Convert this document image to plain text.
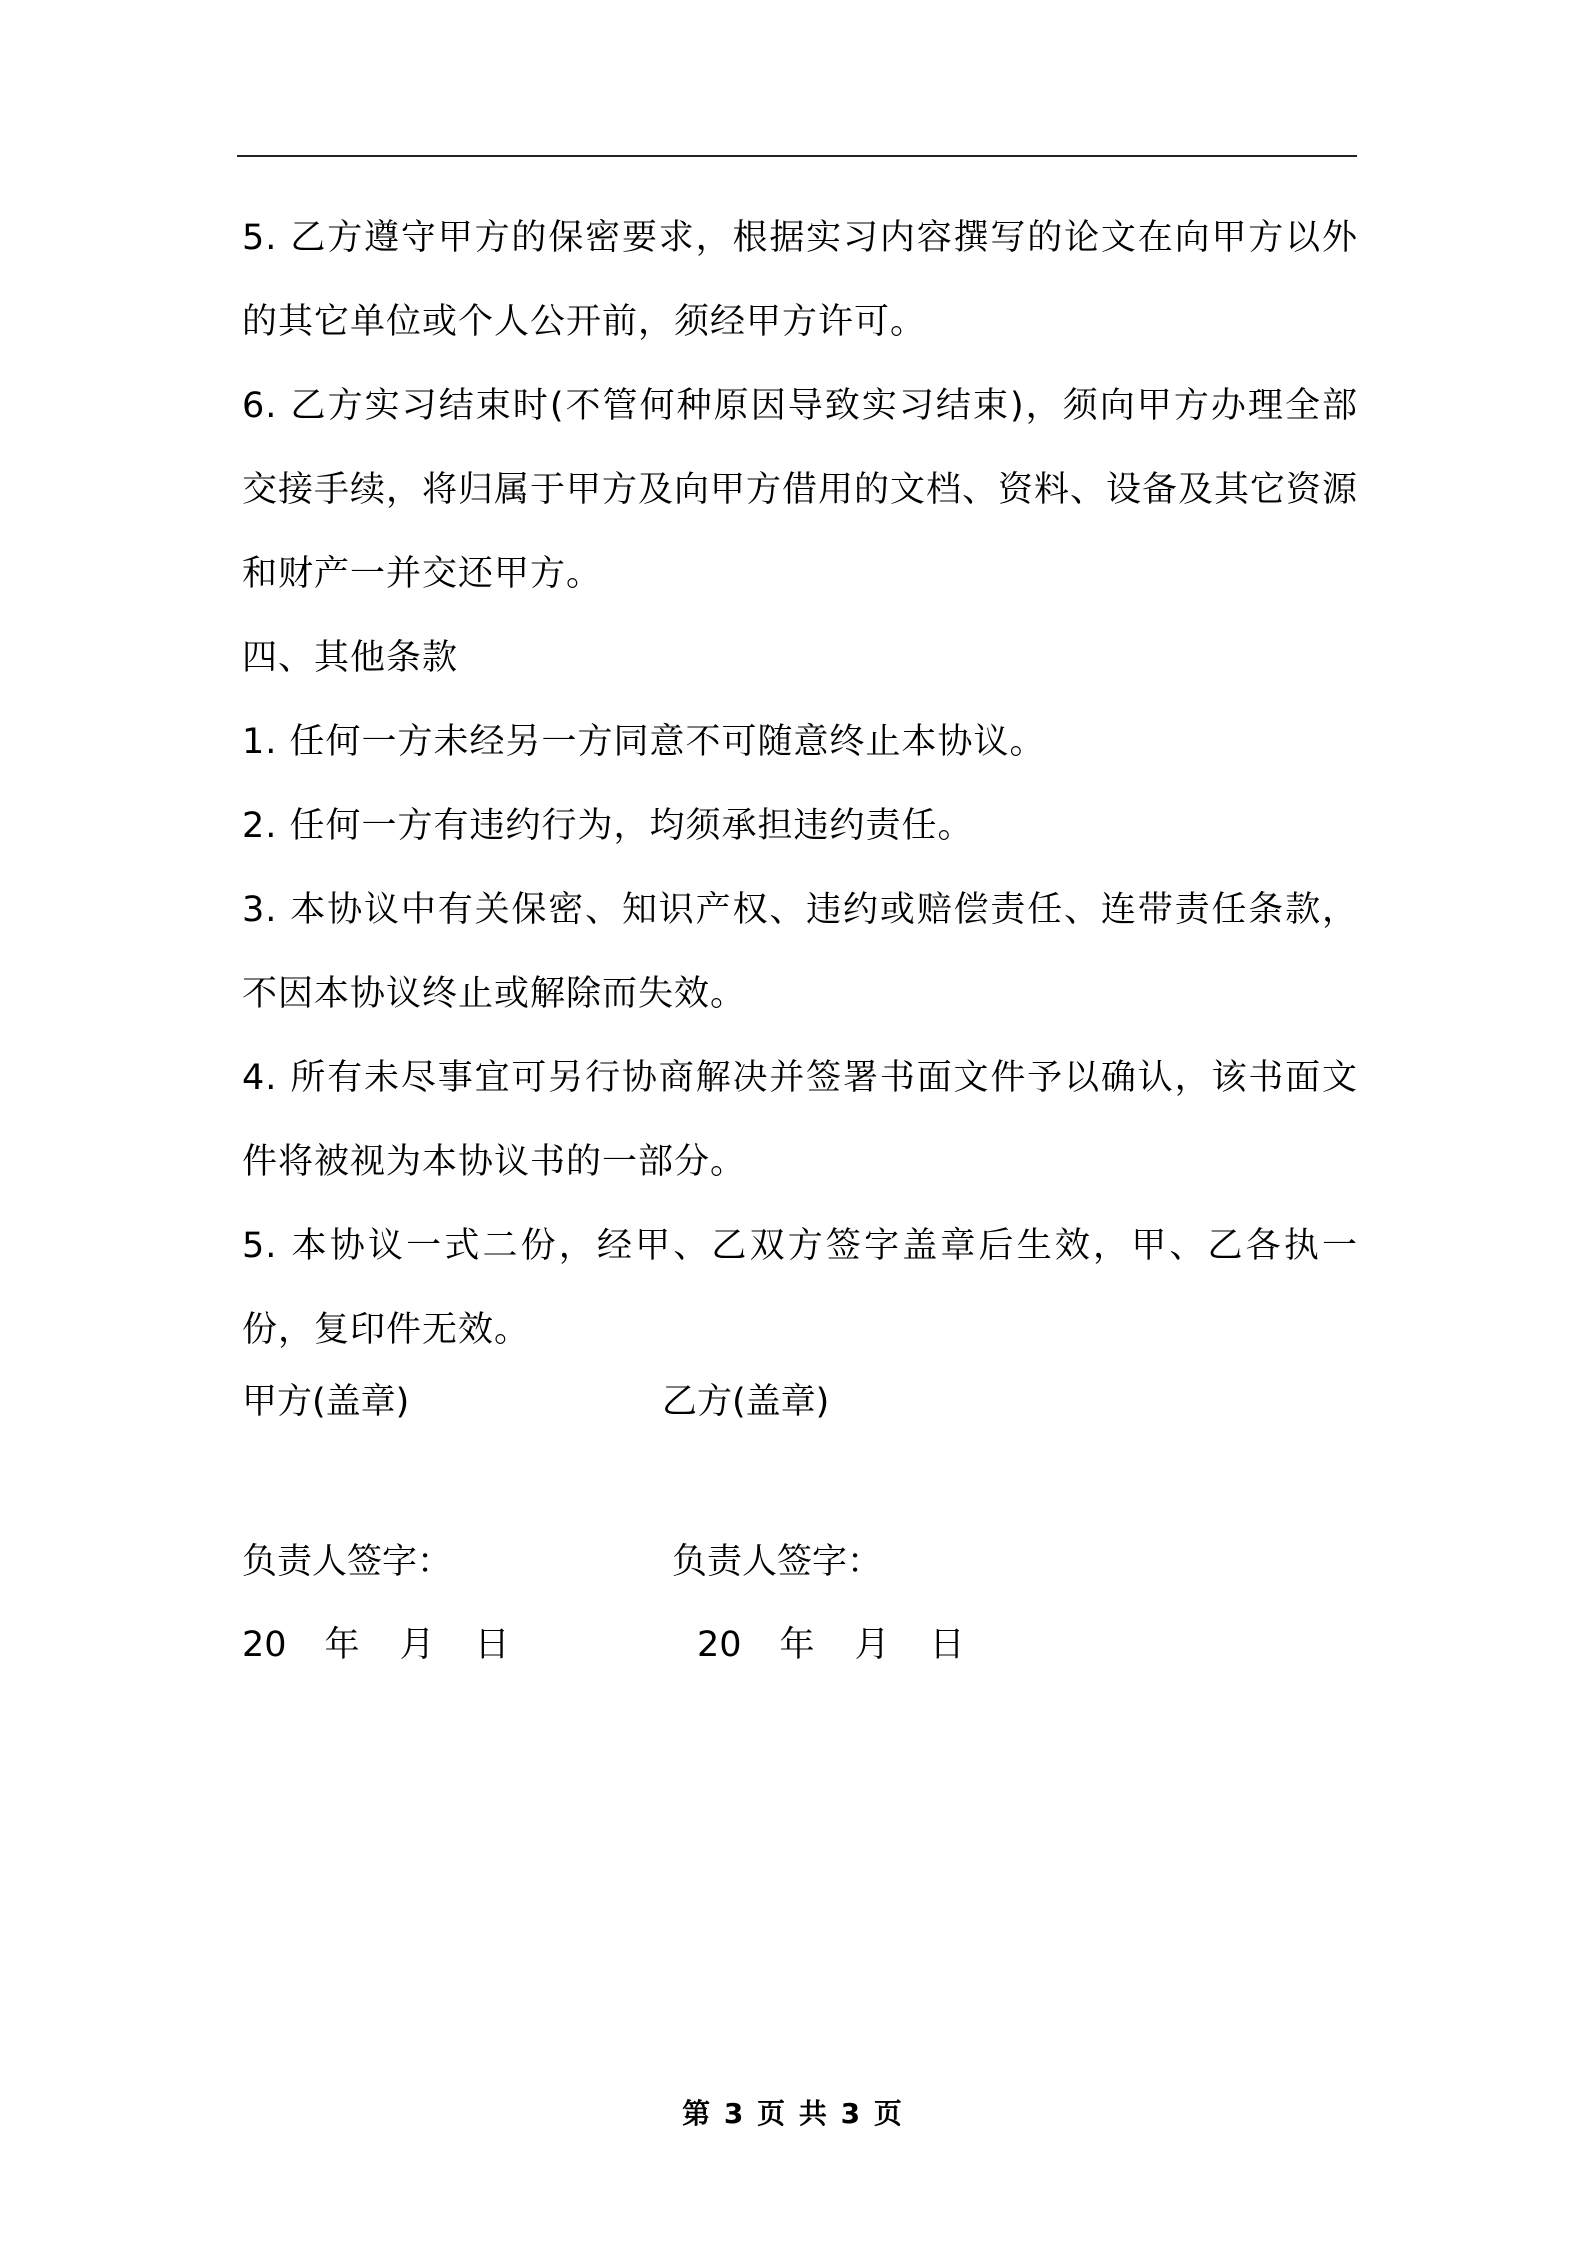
5. 乙方遵守甲方的保密要求，根据实习内容撰写的论文在向甲方以外的其它单位或个人公开前，须经甲方许可。

6. 乙方实习结束时(不管何种原因导致实习结束)，须向甲方办理全部交接手续，将归属于甲方及向甲方借用的文档、资料、设备及其它资源和财产一并交还甲方。

四、其他条款

1. 任何一方未经另一方同意不可随意终止本协议。

2. 任何一方有违约行为，均须承担违约责任。

3. 本协议中有关保密、知识产权、违约或赔偿责任、连带责任条款，不因本协议终止或解除而失效。

4. 所有未尽事宜可另行协商解决并签署书面文件予以确认，该书面文件将被视为本协议书的一部分。

5. 本协议一式二份，经甲、乙双方签字盖章后生效，甲、乙各执一份，复印件无效。

甲方(盖章)	乙方(盖章)
负责人签字：	负责人签字：
20 年 月 日	20 年 月 日
第 3 页 共 3 页
